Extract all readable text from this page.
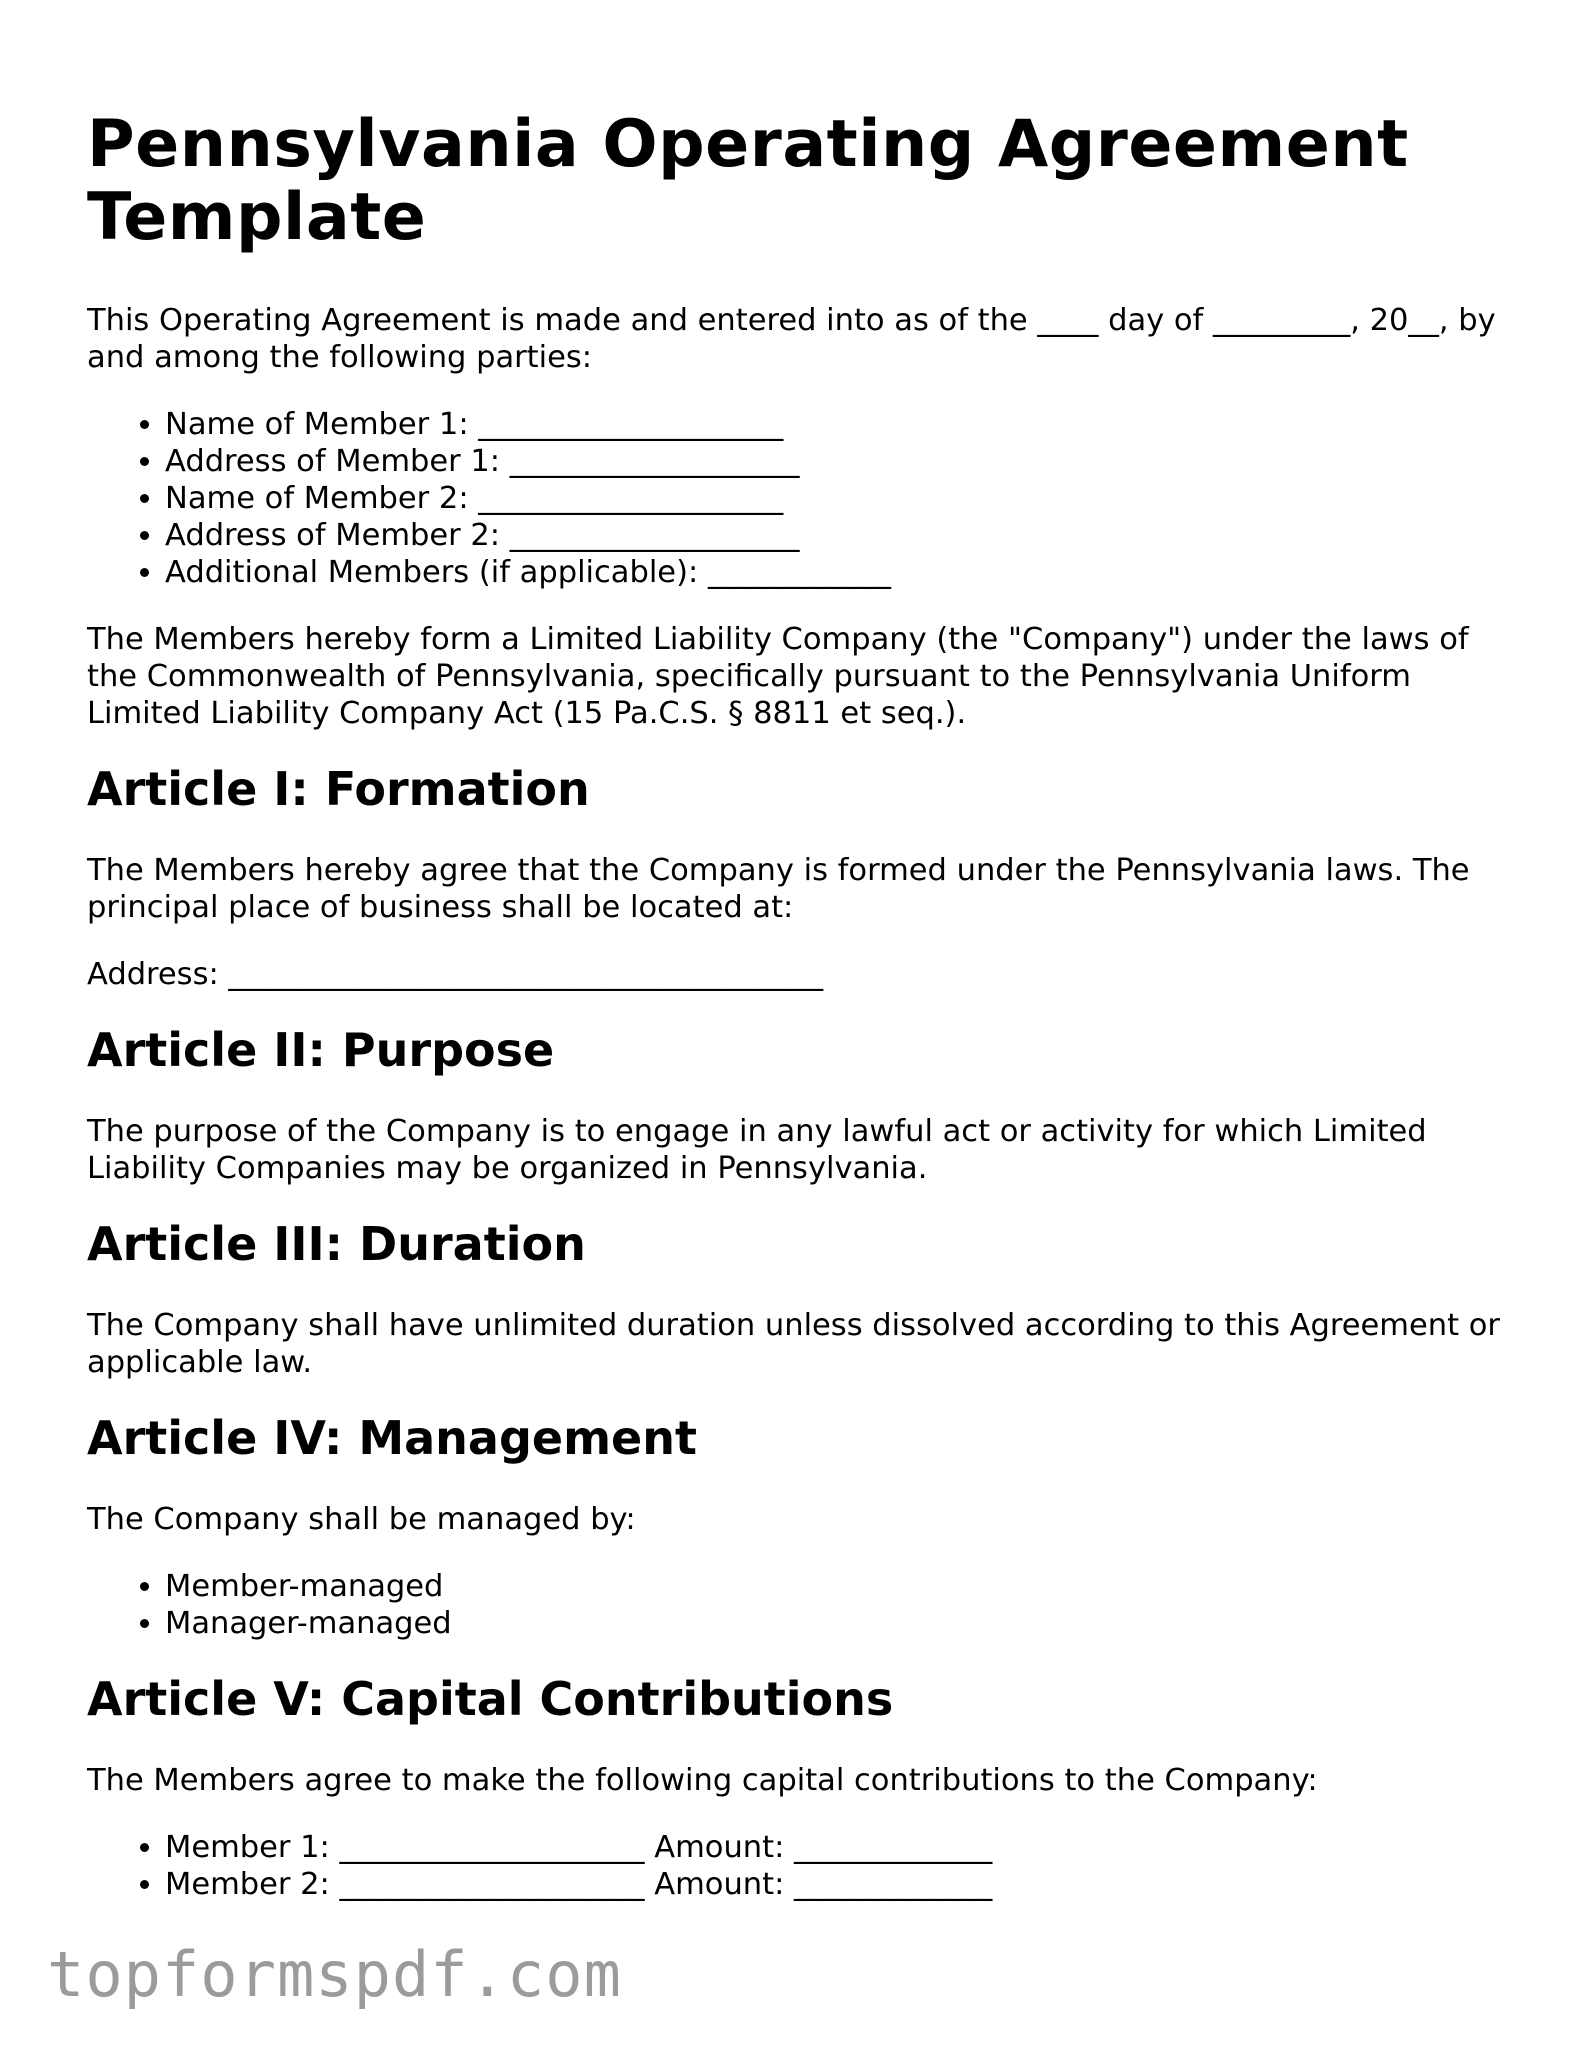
Pennsylvania Operating Agreement Template

This Operating Agreement is made and entered into as of the ____ day of _________, 20__, by and among the following parties:

• Name of Member 1: ____________________
• Address of Member 1: ___________________
• Name of Member 2: ____________________
• Address of Member 2: ___________________
• Additional Members (if applicable): ____________

The Members hereby form a Limited Liability Company (the "Company") under the laws of the Commonwealth of Pennsylvania, specifically pursuant to the Pennsylvania Uniform Limited Liability Company Act (15 Pa.C.S. § 8811 et seq.).

Article I: Formation

The Members hereby agree that the Company is formed under the Pennsylvania laws. The principal place of business shall be located at:

Address: _______________________________________

Article II: Purpose

The purpose of the Company is to engage in any lawful act or activity for which Limited Liability Companies may be organized in Pennsylvania.

Article III: Duration

The Company shall have unlimited duration unless dissolved according to this Agreement or applicable law.

Article IV: Management

The Company shall be managed by:

• Member-managed
• Manager-managed
Article V: Capital Contributions

The Members agree to make the following capital contributions to the Company:

• Member 1: ____________________ Amount: _____________
• Member 2: ____________________ Amount: _____________
topformspdf.com
